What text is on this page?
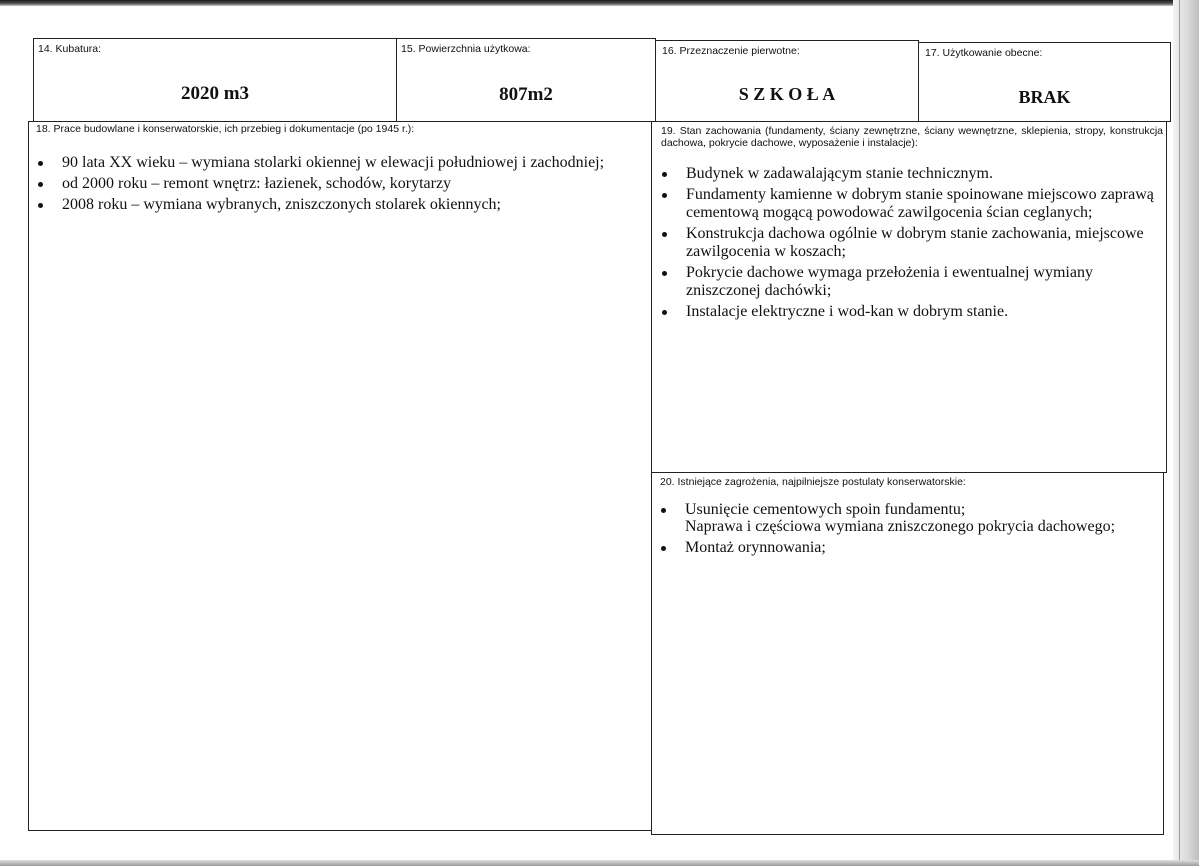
14. Kubatura:
2020 m3
15. Powierzchnia użytkowa:
807m2
16. Przeznaczenie pierwotne:
S Z K O Ł A
17. Użytkowanie obecne:
BRAK
18. Prace budowlane i konserwatorskie, ich przebieg i dokumentacje (po 1945 r.):
90 lata XX wieku – wymiana stolarki okiennej w elewacji południowej i zachodniej;
od 2000 roku – remont wnętrz: łazienek, schodów, korytarzy
2008 roku – wymiana wybranych, zniszczonych stolarek okiennych;
19. Stan zachowania (fundamenty, ściany zewnętrzne, ściany wewnętrzne, sklepienia, stropy, konstrukcja dachowa, pokrycie dachowe, wyposażenie i instalacje):
Budynek w zadawalającym stanie technicznym.
Fundamenty kamienne w dobrym stanie spoinowane miejscowo zaprawą cementową mogącą powodować zawilgocenia ścian ceglanych;
Konstrukcja dachowa ogólnie w dobrym stanie zachowania, miejscowe zawilgocenia w koszach;
Pokrycie dachowe wymaga przełożenia i ewentualnej wymiany zniszczonej dachówki;
Instalacje elektryczne i wod-kan w dobrym stanie.
20. Istniejące zagrożenia, najpilniejsze postulaty konserwatorskie:
Usunięcie cementowych spoin fundamentu;
Naprawa i częściowa wymiana zniszczonego pokrycia dachowego;
Montaż orynnowania;
